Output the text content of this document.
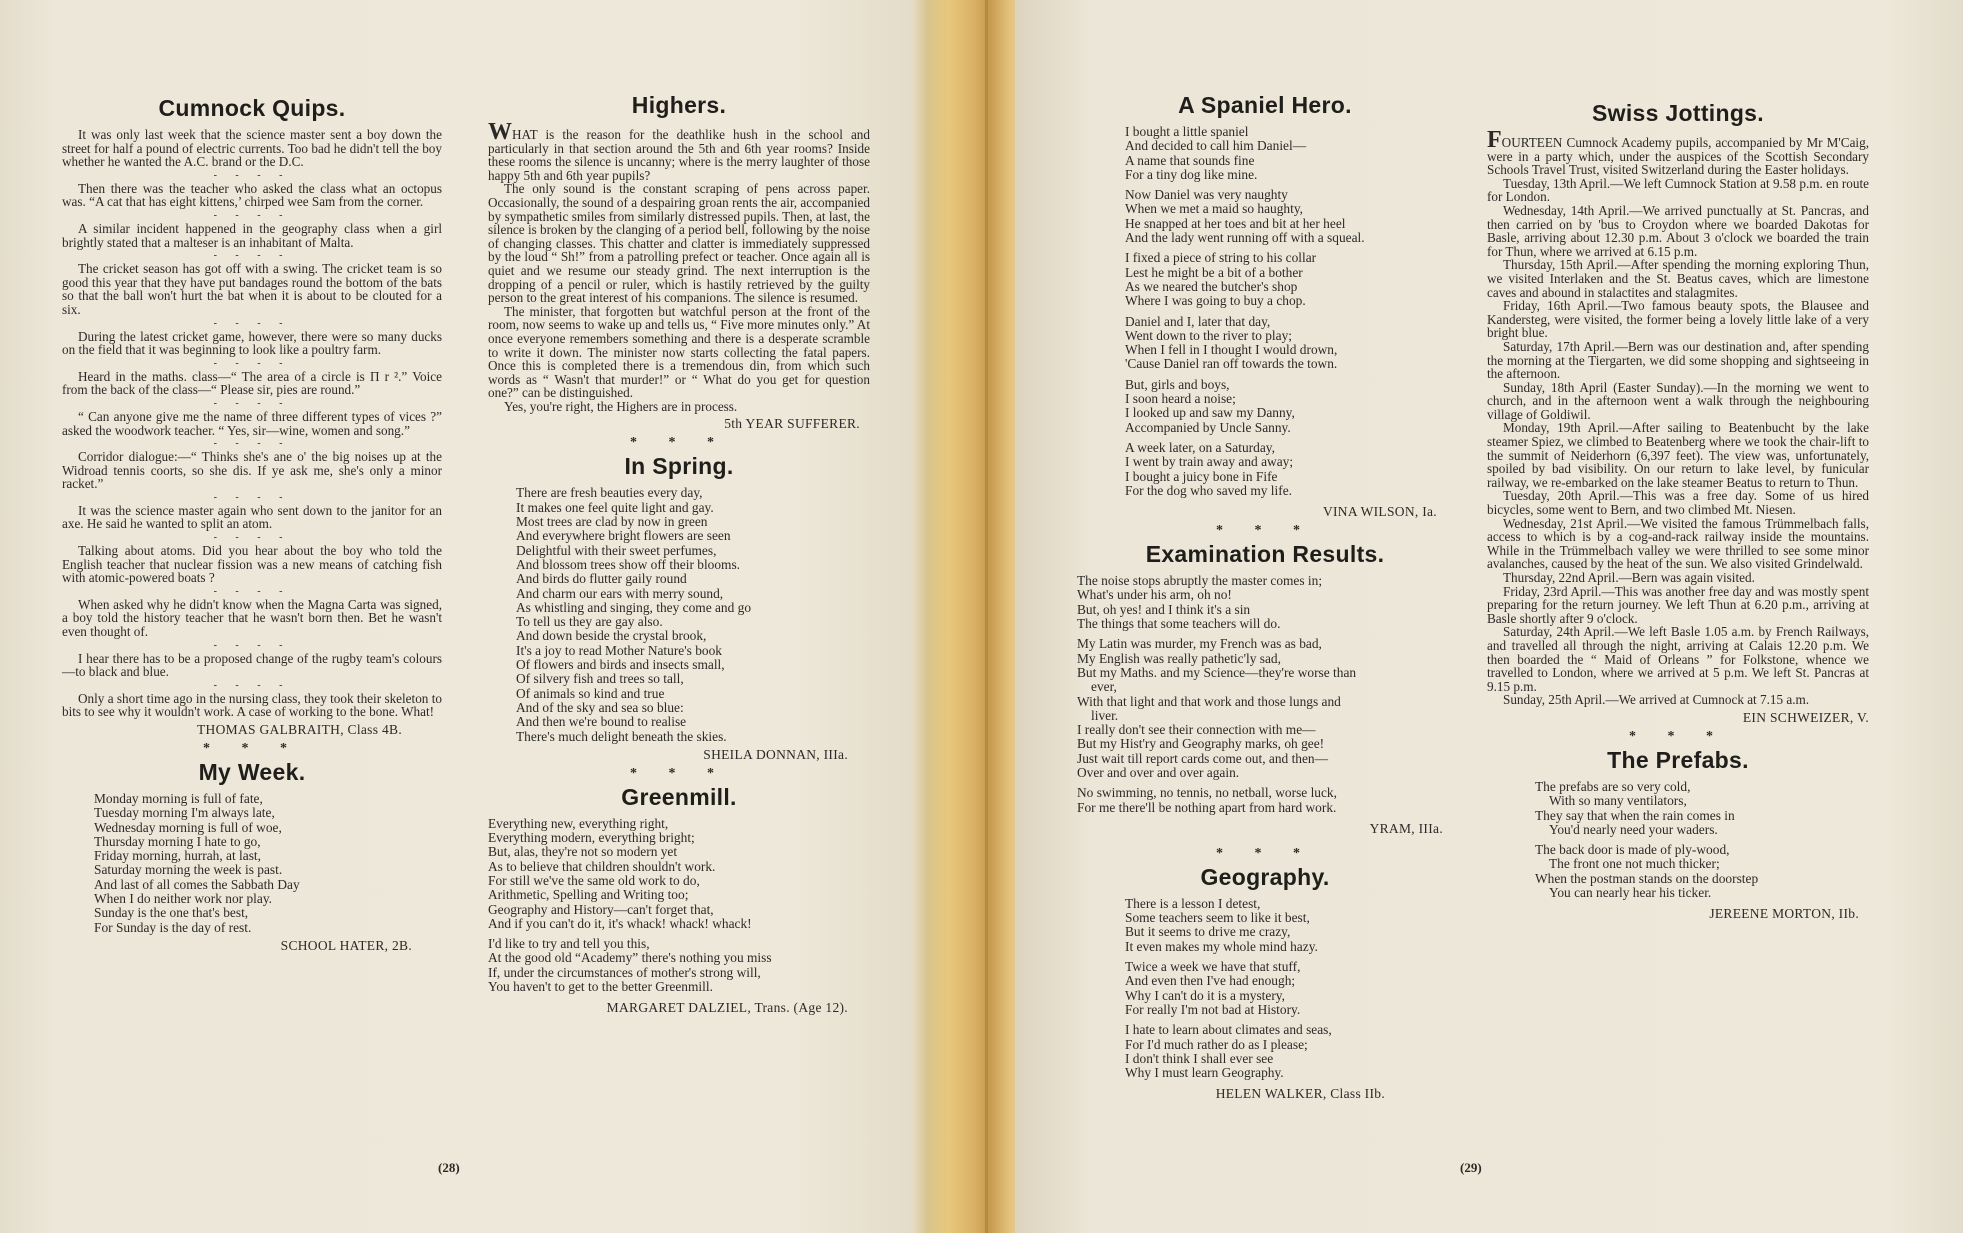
Cumnock Quips.

It was only last week that the science master sent a boy down the street for half a pound of electric currents. Too bad he didn't tell the boy whether he wanted the A.C. brand or the D.C.

- - - -

Then there was the teacher who asked the class what an octopus was. “A cat that has eight kittens,’ chirped wee Sam from the corner.

- - - -

A similar incident happened in the geography class when a girl brightly stated that a malteser is an inhabitant of Malta.

- - - -

The cricket season has got off with a swing. The cricket team is so good this year that they have put bandages round the bottom of the bats so that the ball won't hurt the bat when it is about to be clouted for a six.

- - - -

During the latest cricket game, however, there were so many ducks on the field that it was beginning to look like a poultry farm.

- - - -

Heard in the maths. class—“ The area of a circle is Π r ².” Voice from the back of the class—“ Please sir, pies are round.”

- - - -

“ Can anyone give me the name of three different types of vices ?” asked the woodwork teacher. “ Yes, sir—wine, women and song.”

- - - -

Corridor dialogue:—“ Thinks she's ane o' the big noises up at the Widroad tennis coorts, so she dis. If ye ask me, she's only a minor racket.”

- - - -

It was the science master again who sent down to the janitor for an axe. He said he wanted to split an atom.

- - - -

Talking about atoms. Did you hear about the boy who told the English teacher that nuclear fission was a new means of catching fish with atomic-powered boats ?

- - - -

When asked why he didn't know when the Magna Carta was signed, a boy told the history teacher that he wasn't born then. Bet he wasn't even thought of.

- - - -

I hear there has to be a proposed change of the rugby team's colours—to black and blue.

- - - -

Only a short time ago in the nursing class, they took their skeleton to bits to see why it wouldn't work. A case of working to the bone. What!

THOMAS GALBRAITH, Class 4B.
* * *
My Week.
Monday morning is full of fate,
Tuesday morning I'm always late,
Wednesday morning is full of woe,
Thursday morning I hate to go,
Friday morning, hurrah, at last,
Saturday morning the week is past.
And last of all comes the Sabbath Day
When I do neither work nor play.
Sunday is the one that's best,
For Sunday is the day of rest.
SCHOOL HATER, 2B.
Highers.

WHAT is the reason for the deathlike hush in the school and particularly in that section around the 5th and 6th year rooms? Inside these rooms the silence is uncanny; where is the merry laughter of those happy 5th and 6th year pupils?

The only sound is the constant scraping of pens across paper. Occasionally, the sound of a despairing groan rents the air, accompanied by sympathetic smiles from similarly distressed pupils. Then, at last, the silence is broken by the clanging of a period bell, following by the noise of changing classes. This chatter and clatter is immediately suppressed by the loud “ Sh!” from a patrolling prefect or teacher. Once again all is quiet and we resume our steady grind. The next interruption is the dropping of a pencil or ruler, which is hastily retrieved by the guilty person to the great interest of his companions. The silence is resumed.

The minister, that forgotten but watchful person at the front of the room, now seems to wake up and tells us, “ Five more minutes only.” At once everyone remembers something and there is a desperate scramble to write it down. The minister now starts collecting the fatal papers. Once this is completed there is a tremendous din, from which such words as “ Wasn't that murder!” or “ What do you get for question one?” can be distinguished.

Yes, you're right, the Highers are in process.

5th YEAR SUFFERER.
* * *
In Spring.
There are fresh beauties every day,
It makes one feel quite light and gay.
Most trees are clad by now in green
And everywhere bright flowers are seen
Delightful with their sweet perfumes,
And blossom trees show off their blooms.
And birds do flutter gaily round
And charm our ears with merry sound,
As whistling and singing, they come and go
To tell us they are gay also.
And down beside the crystal brook,
It's a joy to read Mother Nature's book
Of flowers and birds and insects small,
Of silvery fish and trees so tall,
Of animals so kind and true
And of the sky and sea so blue:
And then we're bound to realise
There's much delight beneath the skies.
SHEILA DONNAN, IIIa.
* * *
Greenmill.
Everything new, everything right,
Everything modern, everything bright;
But, alas, they're not so modern yet
As to believe that children shouldn't work.
For still we've the same old work to do,
Arithmetic, Spelling and Writing too;
Geography and History—can't forget that,
And if you can't do it, it's whack! whack! whack!
I'd like to try and tell you this,
At the good old “Academy” there's nothing you miss
If, under the circumstances of mother's strong will,
You haven't to get to the better Greenmill.
MARGARET DALZIEL, Trans. (Age 12).
(28)
A Spaniel Hero.
I bought a little spaniel
And decided to call him Daniel—
A name that sounds fine
For a tiny dog like mine.
Now Daniel was very naughty
When we met a maid so haughty,
He snapped at her toes and bit at her heel
And the lady went running off with a squeal.
I fixed a piece of string to his collar
Lest he might be a bit of a bother
As we neared the butcher's shop
Where I was going to buy a chop.
Daniel and I, later that day,
Went down to the river to play;
When I fell in I thought I would drown,
'Cause Daniel ran off towards the town.
But, girls and boys,
I soon heard a noise;
I looked up and saw my Danny,
Accompanied by Uncle Sanny.
A week later, on a Saturday,
I went by train away and away;
I bought a juicy bone in Fife
For the dog who saved my life.
VINA WILSON, Ia.
* * *
Examination Results.
The noise stops abruptly the master comes in;
What's under his arm, oh no!
But, oh yes! and I think it's a sin
The things that some teachers will do.
My Latin was murder, my French was as bad,
My English was really pathetic'ly sad,
But my Maths. and my Science—they're worse than
ever,
With that light and that work and those lungs and
liver.
I really don't see their connection with me—
But my Hist'ry and Geography marks, oh gee!
Just wait till report cards come out, and then—
Over and over and over again.
No swimming, no tennis, no netball, worse luck,
For me there'll be nothing apart from hard work.
YRAM, IIIa.
* * *
Geography.
There is a lesson I detest,
Some teachers seem to like it best,
But it seems to drive me crazy,
It even makes my whole mind hazy.
Twice a week we have that stuff,
And even then I've had enough;
Why I can't do it is a mystery,
For really I'm not bad at History.
I hate to learn about climates and seas,
For I'd much rather do as I please;
I don't think I shall ever see
Why I must learn Geography.
HELEN WALKER, Class IIb.
Swiss Jottings.

FOURTEEN Cumnock Academy pupils, accompanied by Mr M'Caig, were in a party which, under the auspices of the Scottish Secondary Schools Travel Trust, visited Switzerland during the Easter holidays.

Tuesday, 13th April.—We left Cumnock Station at 9.58 p.m. en route for London.

Wednesday, 14th April.—We arrived punctually at St. Pancras, and then carried on by 'bus to Croydon where we boarded Dakotas for Basle, arriving about 12.30 p.m. About 3 o'clock we boarded the train for Thun, where we arrived at 6.15 p.m.

Thursday, 15th April.—After spending the morning exploring Thun, we visited Interlaken and the St. Beatus caves, which are limestone caves and abound in stalactites and stalagmites.

Friday, 16th April.—Two famous beauty spots, the Blausee and Kandersteg, were visited, the former being a lovely little lake of a very bright blue.

Saturday, 17th April.—Bern was our destination and, after spending the morning at the Tiergarten, we did some shopping and sightseeing in the afternoon.

Sunday, 18th April (Easter Sunday).—In the morning we went to church, and in the afternoon went a walk through the neighbouring village of Goldiwil.

Monday, 19th April.—After sailing to Beatenbucht by the lake steamer Spiez, we climbed to Beatenberg where we took the chair-lift to the summit of Neiderhorn (6,397 feet). The view was, unfortunately, spoiled by bad visibility. On our return to lake level, by funicular railway, we re-embarked on the lake steamer Beatus to return to Thun.

Tuesday, 20th April.—This was a free day. Some of us hired bicycles, some went to Bern, and two climbed Mt. Niesen.

Wednesday, 21st April.—We visited the famous Trümmelbach falls, access to which is by a cog-and-rack railway inside the mountains. While in the Trümmelbach valley we were thrilled to see some minor avalanches, caused by the heat of the sun. We also visited Grindelwald.

Thursday, 22nd April.—Bern was again visited.

Friday, 23rd April.—This was another free day and was mostly spent preparing for the return journey. We left Thun at 6.20 p.m., arriving at Basle shortly after 9 o'clock.

Saturday, 24th April.—We left Basle 1.05 a.m. by French Railways, and travelled all through the night, arriving at Calais 12.20 p.m. We then boarded the “ Maid of Orleans ” for Folkstone, whence we travelled to London, where we arrived at 5 p.m. We left St. Pancras at 9.15 p.m.

Sunday, 25th April.—We arrived at Cumnock at 7.15 a.m.

EIN SCHWEIZER, V.
* * *
The Prefabs.
The prefabs are so very cold,
With so many ventilators,
They say that when the rain comes in
You'd nearly need your waders.
The back door is made of ply-wood,
The front one not much thicker;
When the postman stands on the doorstep
You can nearly hear his ticker.
JEREENE MORTON, IIb.
(29)
